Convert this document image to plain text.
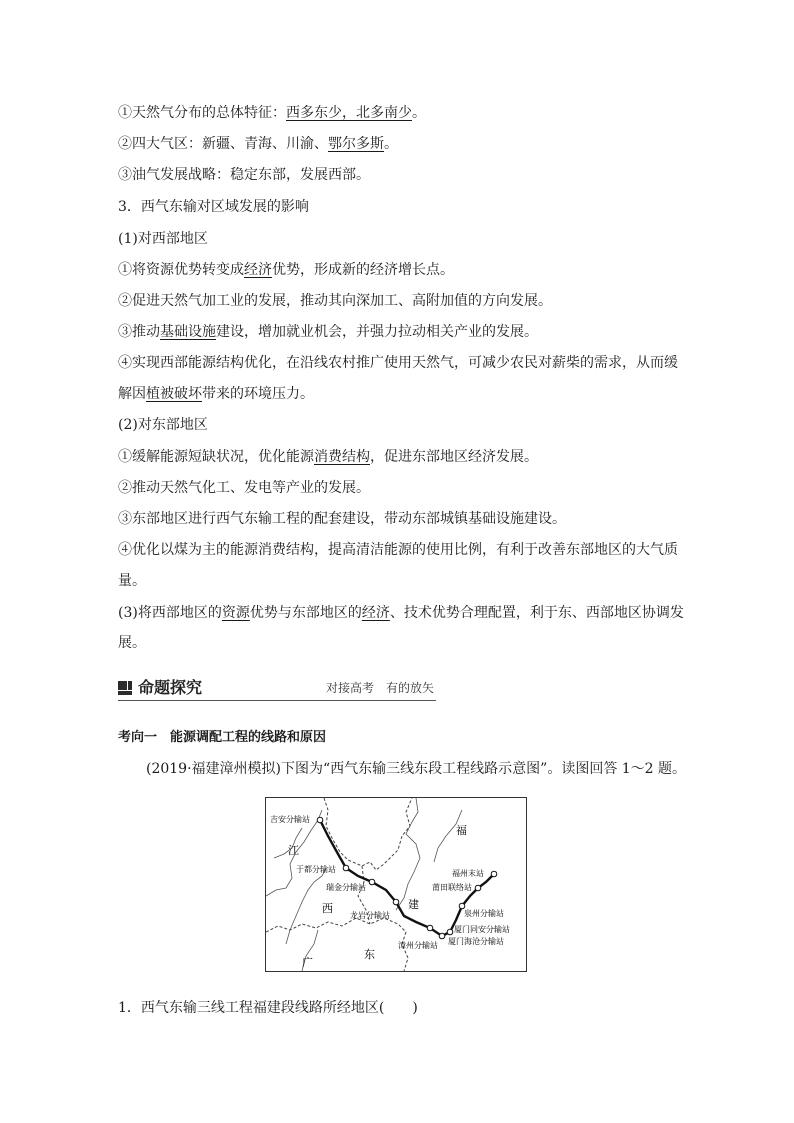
①天然气分布的总体特征：西多东少，北多南少。
②四大气区：新疆、青海、川渝、鄂尔多斯。
③油气发展战略：稳定东部，发展西部。
3．西气东输对区域发展的影响
(1)对西部地区
①将资源优势转变成经济优势，形成新的经济增长点。
②促进天然气加工业的发展，推动其向深加工、高附加值的方向发展。
③推动基础设施建设，增加就业机会，并强力拉动相关产业的发展。
④实现西部能源结构优化，在沿线农村推广使用天然气，可减少农民对薪柴的需求，从而缓
解因植被破坏带来的环境压力。
(2)对东部地区
①缓解能源短缺状况，优化能源消费结构，促进东部地区经济发展。
②推动天然气化工、发电等产业的发展。
③东部地区进行西气东输工程的配套建设，带动东部城镇基础设施建设。
④优化以煤为主的能源消费结构，提高清洁能源的使用比例，有利于改善东部地区的大气质
量。
(3)将西部地区的资源优势与东部地区的经济、技术优势合理配置，利于东、西部地区协调发
展。
命题探究	对接高考　有的放矢
考向一　能源调配工程的线路和原因
(2019·福建漳州模拟)下图为“西气东输三线东段工程线路示意图”。读图回答 1～2 题。
福
建
江
西
广
东
吉安分输站
于都分输站
瑞金分输站
龙岩分输站
漳州分输站 厦门海沧分输站
厦门同安分输站
泉州分输站
莆田联络站
福州末站
1．西气东输三线工程福建段线路所经地区(　　)
